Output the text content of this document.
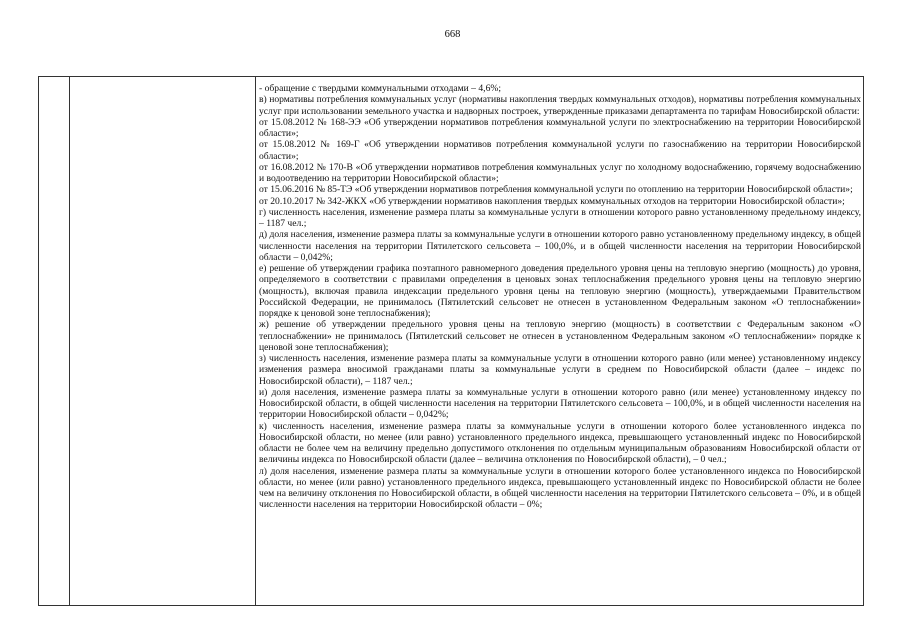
668

- обращение с твердыми коммунальными отходами – 4,6%;

в) нормативы потребления коммунальных услуг (нормативы накопления твердых коммунальных отходов), нормативы потребления коммунальных услуг при использовании земельного участка и надворных построек, утвержденные приказами департамента по тарифам Новосибирской области:

от 15.08.2012 № 168-ЭЭ «Об утверждении нормативов потребления коммунальной услуги по электроснабжению на территории Новосибирской области»;

от 15.08.2012 № 169-Г «Об утверждении нормативов потребления коммунальной услуги по газоснабжению на территории Новосибирской области»;

от 16.08.2012 № 170-В «Об утверждении нормативов потребления коммунальных услуг по холодному водоснабжению, горячему водоснабжению и водоотведению на территории Новосибирской области»;

от 15.06.2016 № 85-ТЭ «Об утверждении нормативов потребления коммунальной услуги по отоплению на территории Новосибирской области»;

от 20.10.2017 № 342-ЖКХ «Об утверждении нормативов накопления твердых коммунальных отходов на территории Новосибирской области»;

г) численность населения, изменение размера платы за коммунальные услуги в отношении которого равно установленному предельному индексу, – 1187 чел.;

д) доля населения, изменение размера платы за коммунальные услуги в отношении которого равно установленному предельному индексу, в общей численности населения на территории Пятилетского сельсовета – 100,0%, и в общей численности населения на территории Новосибирской области – 0,042%;

е) решение об утверждении графика поэтапного равномерного доведения предельного уровня цены на тепловую энергию (мощность) до уровня, определяемого в соответствии с правилами определения в ценовых зонах теплоснабжения предельного уровня цены на тепловую энергию (мощность), включая правила индексации предельного уровня цены на тепловую энергию (мощность), утверждаемыми Правительством Российской Федерации, не принималось (Пятилетский сельсовет не отнесен в установленном Федеральным законом «О теплоснабжении» порядке к ценовой зоне теплоснабжения);

ж) решение об утверждении предельного уровня цены на тепловую энергию (мощность) в соответствии с Федеральным законом «О теплоснабжении» не принималось (Пятилетский сельсовет не отнесен в установленном Федеральным законом «О теплоснабжении» порядке к ценовой зоне теплоснабжения);

з) численность населения, изменение размера платы за коммунальные услуги в отношении которого равно (или менее) установленному индексу изменения размера вносимой гражданами платы за коммунальные услуги в среднем по Новосибирской области (далее – индекс по Новосибирской области), – 1187 чел.;

и) доля населения, изменение размера платы за коммунальные услуги в отношении которого равно (или менее) установленному индексу по Новосибирской области, в общей численности населения на территории Пятилетского сельсовета – 100,0%, и в общей численности населения на территории Новосибирской области – 0,042%;

к) численность населения, изменение размера платы за коммунальные услуги в отношении которого более установленного индекса по Новосибирской области, но менее (или равно) установленного предельного индекса, превышающего установленный индекс по Новосибирской области не более чем на величину предельно допустимого отклонения по отдельным муниципальным образованиям Новосибирской области от величины индекса по Новосибирской области (далее – величина отклонения по Новосибирской области), – 0 чел.;

л) доля населения, изменение размера платы за коммунальные услуги в отношении которого более установленного индекса по Новосибирской области, но менее (или равно) установленного предельного индекса, превышающего установленный индекс по Новосибирской области не более чем на величину отклонения по Новосибирской области, в общей численности населения на территории Пятилетского сельсовета – 0%, и в общей численности населения на территории Новосибирской области – 0%;
